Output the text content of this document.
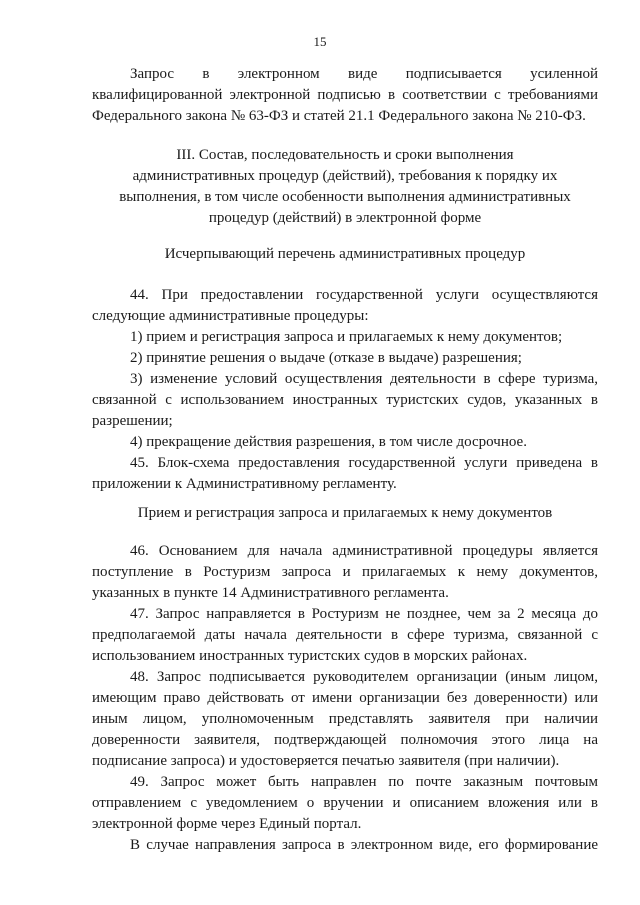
15
Запрос в электронном виде подписывается усиленной
квалифицированной электронной подписью в соответствии с требованиями
Федерального закона № 63-ФЗ и статей 21.1 Федерального закона № 210-ФЗ.
III. Состав, последовательность и сроки выполнения
административных процедур (действий), требования к порядку их
выполнения, в том числе особенности выполнения административных
процедур (действий) в электронной форме
Исчерпывающий перечень административных процедур
44. При предоставлении государственной услуги осуществляются
следующие административные процедуры:
1) прием и регистрация запроса и прилагаемых к нему документов;
2) принятие решения о выдаче (отказе в выдаче) разрешения;
3) изменение условий осуществления деятельности в сфере туризма,
связанной с использованием иностранных туристских судов, указанных в
разрешении;
4) прекращение действия разрешения, в том числе досрочное.
45. Блок-схема предоставления государственной услуги приведена в
приложении к Административному регламенту.
Прием и регистрация запроса и прилагаемых к нему документов
46. Основанием для начала административной процедуры является
поступление в Ростуризм запроса и прилагаемых к нему документов,
указанных в пункте 14 Административного регламента.
47. Запрос направляется в Ростуризм не позднее, чем за 2 месяца до
предполагаемой даты начала деятельности в сфере туризма, связанной с
использованием иностранных туристских судов в морских районах.
48. Запрос подписывается руководителем организации (иным лицом,
имеющим право действовать от имени организации без доверенности) или
иным лицом, уполномоченным представлять заявителя при наличии
доверенности заявителя, подтверждающей полномочия этого лица на
подписание запроса) и удостоверяется печатью заявителя (при наличии).
49. Запрос может быть направлен по почте заказным почтовым
отправлением с уведомлением о вручении и описанием вложения или в
электронной форме через Единый портал.
В случае направления запроса в электронном виде, его формирование
